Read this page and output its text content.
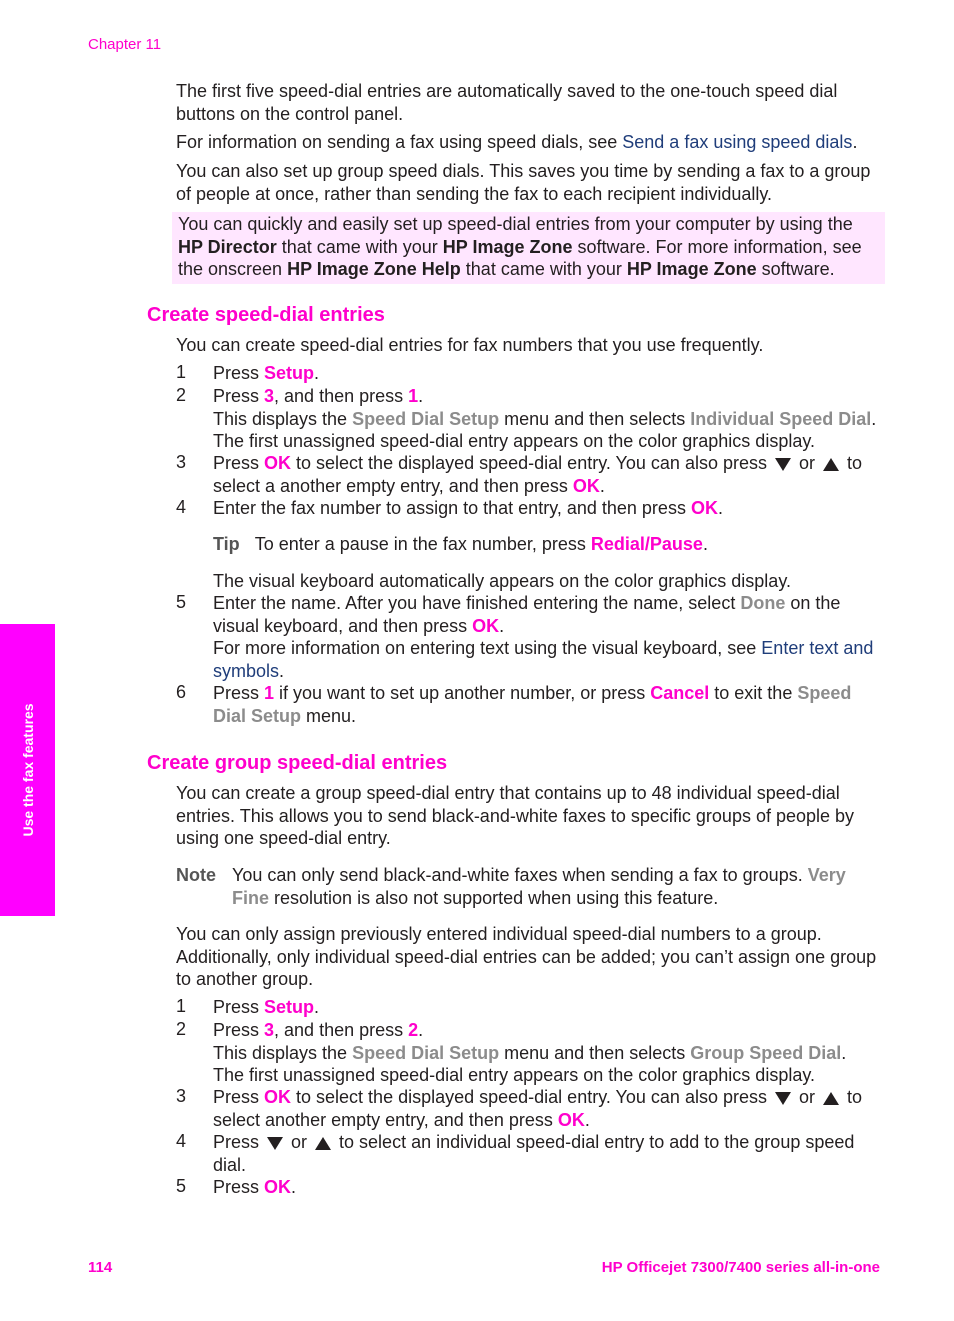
Chapter 11
Use the fax features
The first five speed-dial entries are automatically saved to the one-touch speed dial buttons on the control panel.
For information on sending a fax using speed dials, see Send a fax using speed dials.
You can also set up group speed dials. This saves you time by sending a fax to a group of people at once, rather than sending the fax to each recipient individually.
You can quickly and easily set up speed-dial entries from your computer by using the HP Director that came with your HP Image Zone software. For more information, see the onscreen HP Image Zone Help that came with your HP Image Zone software.
Create speed-dial entries
You can create speed-dial entries for fax numbers that you use frequently.
1 Press Setup.
2 Press 3, and then press 1.
This displays the Speed Dial Setup menu and then selects Individual Speed Dial.
The first unassigned speed-dial entry appears on the color graphics display.
3 Press OK to select the displayed speed-dial entry. You can also press  or  to select a another empty entry, and then press OK.
4 Enter the fax number to assign to that entry, and then press OK.
Tip To enter a pause in the fax number, press Redial/Pause.
The visual keyboard automatically appears on the color graphics display.
5 Enter the name. After you have finished entering the name, select Done on the visual keyboard, and then press OK.
For more information on entering text using the visual keyboard, see Enter text and symbols.
6 Press 1 if you want to set up another number, or press Cancel to exit the Speed Dial Setup menu.
Create group speed-dial entries
You can create a group speed-dial entry that contains up to 48 individual speed-dial entries. This allows you to send black-and-white faxes to specific groups of people by using one speed-dial entry.
Note You can only send black-and-white faxes when sending a fax to groups. Very Fine resolution is also not supported when using this feature.
You can only assign previously entered individual speed-dial numbers to a group. Additionally, only individual speed-dial entries can be added; you can’t assign one group to another group.
1 Press Setup.
2 Press 3, and then press 2.
This displays the Speed Dial Setup menu and then selects Group Speed Dial.
The first unassigned speed-dial entry appears on the color graphics display.
3 Press OK to select the displayed speed-dial entry. You can also press  or  to select another empty entry, and then press OK.
4 Press  or  to select an individual speed-dial entry to add to the group speed dial.
5 Press OK.
114	HP Officejet 7300/7400 series all-in-one
